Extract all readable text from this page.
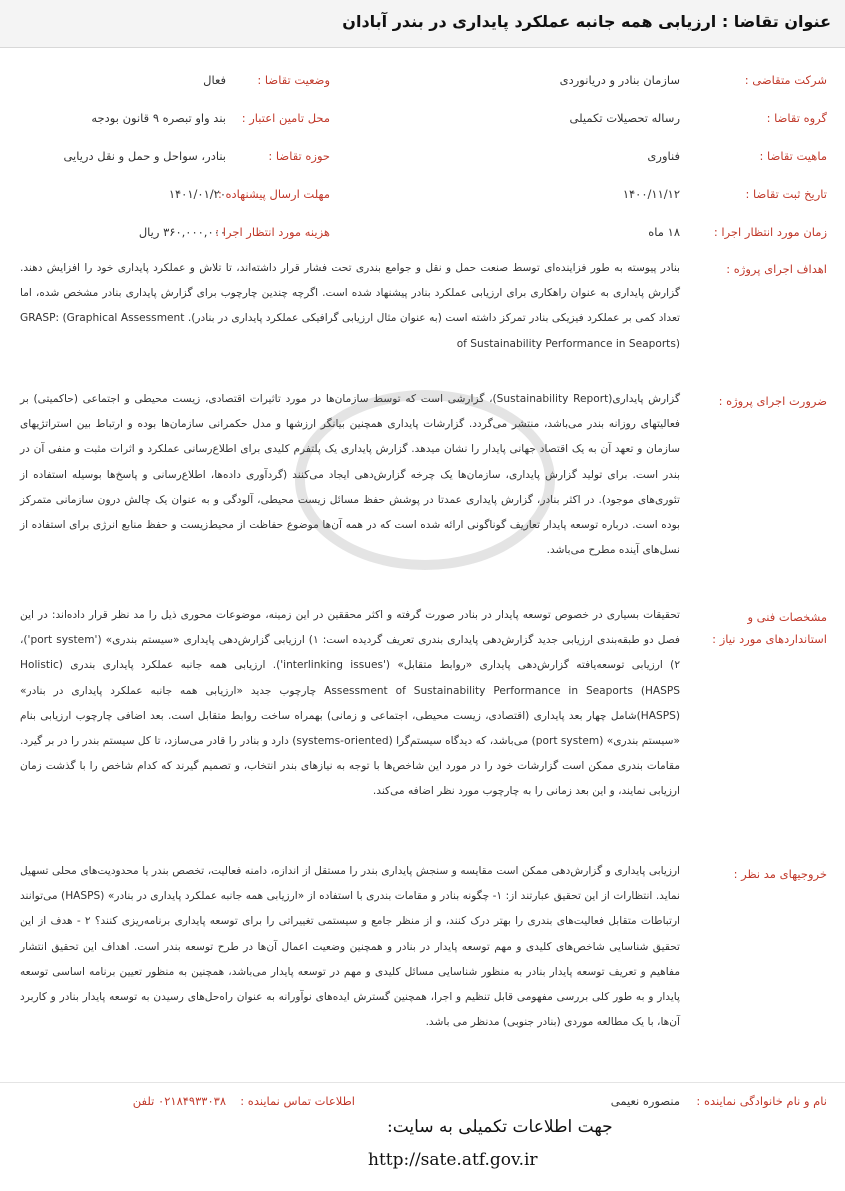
عنوان تقاضا : ارزیابی همه جانبه عملکرد پایداری در بندر آبادان
شرکت متقاضی :
سازمان بنادر و دریانوردی
وضعیت تقاضا :
فعال
گروه تقاضا :
رساله تحصیلات تکمیلی
محل تامین اعتبار :
بند واو تبصره ۹ قانون بودجه
ماهیت تقاضا :
فناوری
حوزه تقاضا :
بنادر، سواحل و حمل و نقل دریایی
تاریخ ثبت تقاضا :
۱۴۰۰/۱۱/۱۲
مهلت ارسال پیشنهاده :
۱۴۰۱/۰۱/۲۰
زمان مورد انتظار اجرا :
۱۸ ماه
هزینه مورد انتظار اجرا :
۳۶۰,۰۰۰,۰۰۰ ریال
اهداف اجرای پروژه :
بنادر پیوسته به طور فزاینده‌ای توسط صنعت حمل و نقل و جوامع بندری تحت فشار قرار داشته‌اند، تا تلاش و عملکرد پایداری خود را افزایش دهند. گزارش پایداری به عنوان راهکاری برای ارزیابی عملکرد بنادر پیشنهاد شده است. اگرچه چندین چارچوب برای گزارش پایداری بنادر مشخص شده، اما تعداد کمی بر عملکرد فیزیکی بنادر تمرکز داشته است (به عنوان مثال ارزیابی گرافیکی عملکرد پایداری در بنادر). GRASP: (Graphical Assessment of Sustainability Performance in Seaports)
ضرورت اجرای پروژه :
گزارش پایداری(Sustainability Report)، گزارشی است که توسط سازمان‌ها در مورد تاثیرات اقتصادی، زیست محیطی و اجتماعی (حاکمیتی) بر فعالیتهای روزانه بندر می‌باشد، منتشر می‌گردد. گزارشات پایداری همچنین بیانگر ارزشها و مدل حکمرانی سازمان‌ها بوده و ارتباط بین استراتژیهای سازمان و تعهد آن به یک اقتصاد جهانی پایدار را نشان میدهد. گزارش پایداری یک پلتفرم کلیدی برای اطلاع‌رسانی عملکرد و اثرات مثبت و منفی آن در بندر است. برای تولید گزارش پایداری، سازمان‌ها یک چرخه گزارش‌دهی ایجاد می‌کنند (گردآوری داده‌ها، اطلاع‌رسانی و پاسخ‌ها بوسیله استفاده از تئوری‌های موجود). در اکثر بنادر، گزارش پایداری عمدتا در پوشش حفظ مسائل زیست محیطی، آلودگی و به عنوان یک چالش درون سازمانی متمرکز بوده است. درباره توسعه پایدار تعاریف گوناگونی ارائه شده است که در همه آن‌ها موضوع حفاظت از محیط‌زیست و حفظ منابع انرژی برای استفاده از نسل‌های آینده مطرح می‌باشد.
مشخصات فنی و استانداردهای مورد نیاز :
تحقیقات بسیاری در خصوص توسعه پایدار در بنادر صورت گرفته و اکثر محققین در این زمینه، موضوعات محوری ذیل را مد نظر قرار داده‌اند: در این فصل دو طبقه‌بندی ارزیابی جدید گزارش‌دهی پایداری بندری تعریف گردیده است: ۱) ارزیابی گزارش‌دهی پایداری «سیستم بندری» ('port system')، ۲) ارزیابی توسعه‌یافته گزارش‌دهی پایداری «روابط متقابل» ('interlinking issues'). ارزیابی همه جانبه عملکرد پایداری بندری (Holistic Assessment of Sustainability Performance in Seaports (HASPS چارچوب جدید «ارزیابی همه جانبه عملکرد پایداری در بنادر» (HASPS)شامل چهار بعد پایداری (اقتصادی، زیست محیطی، اجتماعی و زمانی) بهمراه ساخت روابط متقابل است. بعد اضافی چارچوب ارزیابی بنام «سیستم بندری» (port system) می‌باشد، که دیدگاه سیستم‌گرا (systems-oriented) دارد و بنادر را قادر می‌سازد، تا کل سیستم بندر را در بر گیرد. مقامات بندری ممکن است گزارشات خود را در مورد این شاخص‌ها با توجه به نیازهای بندر انتخاب، و تصمیم گیرند که کدام شاخص را با گذشت زمان ارزیابی نمایند، و این بعد زمانی را به چارچوب مورد نظر اضافه می‌کند.
خروجیهای مد نظر :
ارزیابی پایداری و گزارش‌دهی ممکن است مقایسه و سنجش پایداری بندر را مستقل از اندازه، دامنه فعالیت، تخصص بندر یا محدودیت‌های محلی تسهیل نماید. انتظارات از این تحقیق عبارتند از: ۱- چگونه بنادر و مقامات بندری با استفاده از «ارزیابی همه جانبه عملکرد پایداری در بنادر» (HASPS) می‌توانند ارتباطات متقابل فعالیت‌های بندری را بهتر درک کنند، و از منظر جامع و سیستمی تغییراتی را برای توسعه پایداری برنامه‌ریزی کنند؟ ۲ - هدف از این تحقیق شناسایی شاخص‌های کلیدی و مهم توسعه پایدار در بنادر و همچنین وضعیت اعمال آن‌ها در طرح توسعه بندر است. اهداف این تحقیق انتشار مفاهیم و تعریف توسعه پایدار بنادر به منظور شناسایی مسائل کلیدی و مهم در توسعه پایدار می‌باشد، همچنین به منظور تعیین برنامه اساسی توسعه پایدار و به طور کلی بررسی مفهومی قابل تنظیم و اجرا، همچنین گسترش ایده‌های نوآورانه به عنوان راه‌حل‌های رسیدن به توسعه پایدار بنادر و کاربرد آن‌ها، با یک مطالعه موردی (بنادر جنوبی) مدنظر می باشد.
نام و نام خانوادگی نماینده :
منصوره نعیمی
اطلاعات تماس نماینده :
۰۲۱۸۴۹۳۳۰۳۸ تلفن
جهت اطلاعات تکمیلی به سایت:
http://sate.atf.gov.ir
